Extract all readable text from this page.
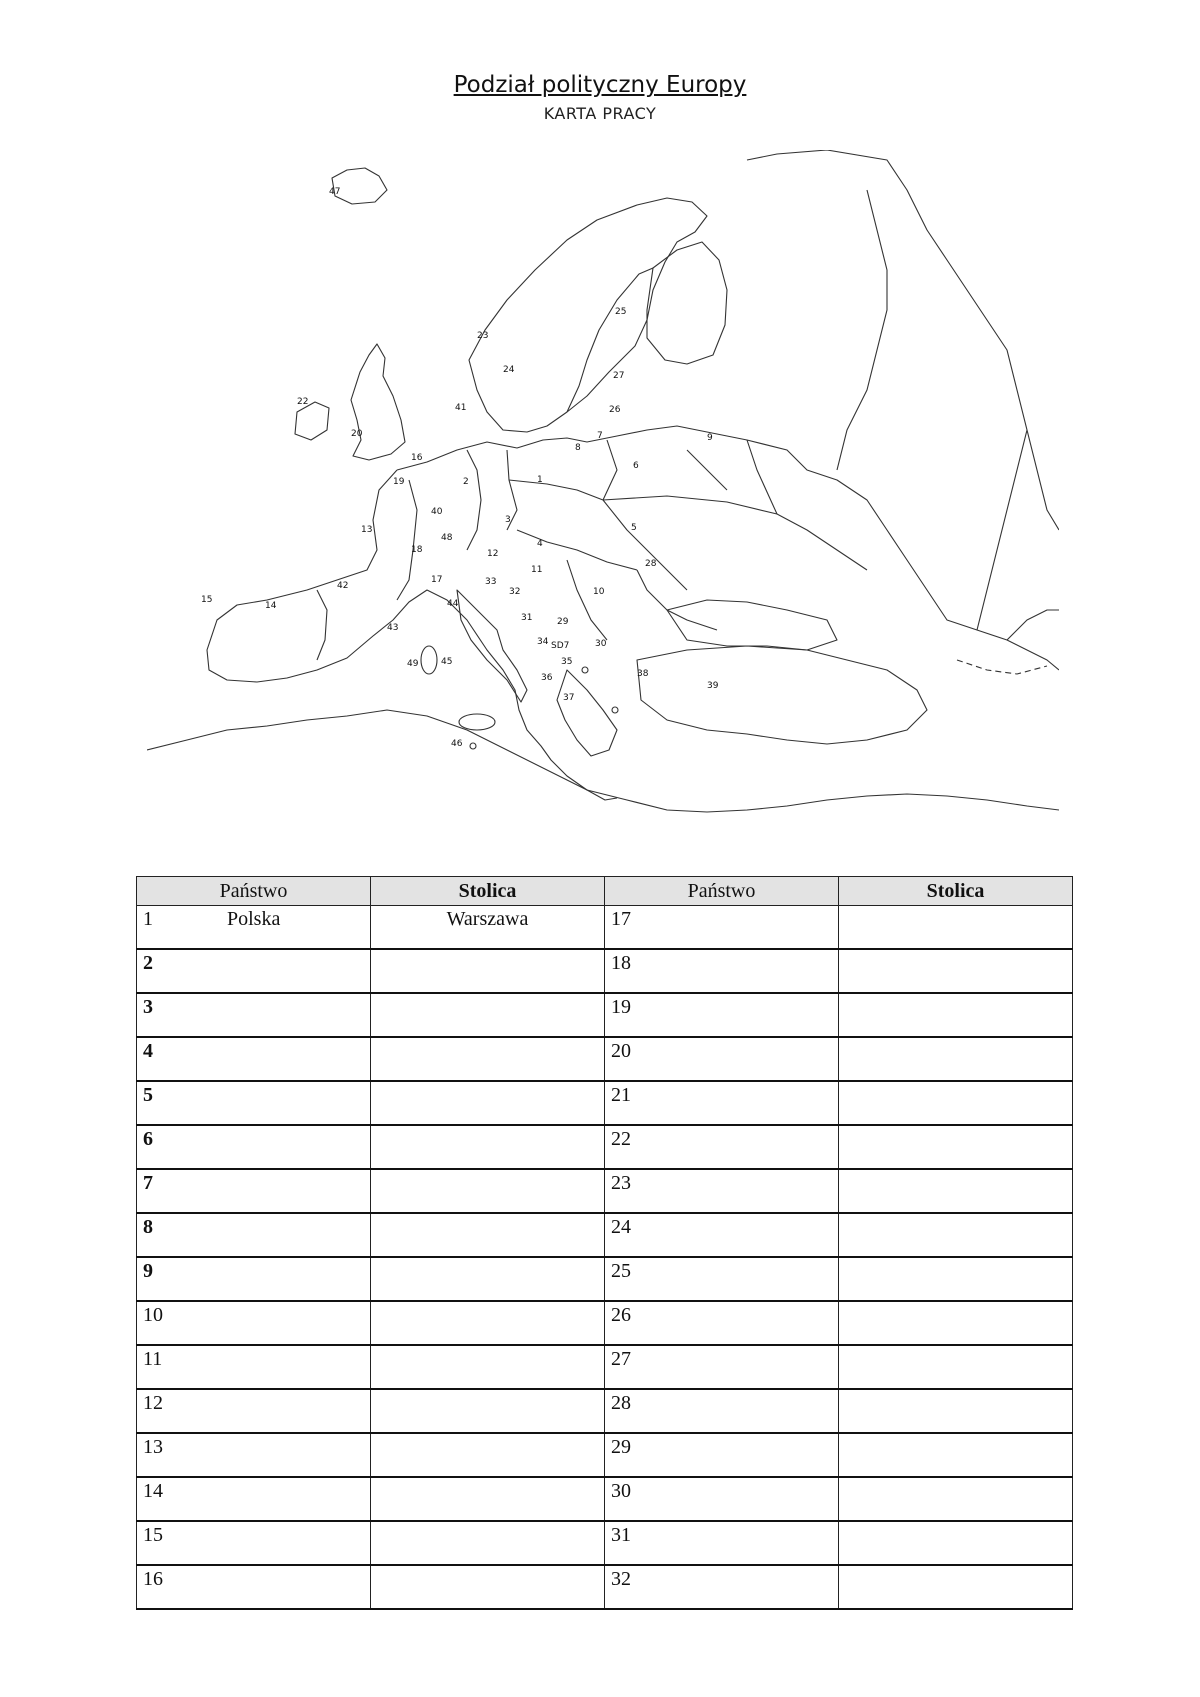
Podział polityczny Europy
KARTA PRACY
47
23
24
25
27
26
7	9
22
41
20
8
16
2	1
6
19
40
3
5
13
48
18	12
4
28
42
17	33
11
10
15
14	44
32
43
31	29
49	45
34 SD7	30
35
38
36
37
39
46
Państwo	Stolica	Państwo	Stolica
1 Polska	Warszawa	17	
2		18	
3		19	
4		20	
5		21	
6		22	
7		23	
8		24	
9		25	
10		26	
11		27	
12		28	
13		29	
14		30	
15		31	
16		32	
